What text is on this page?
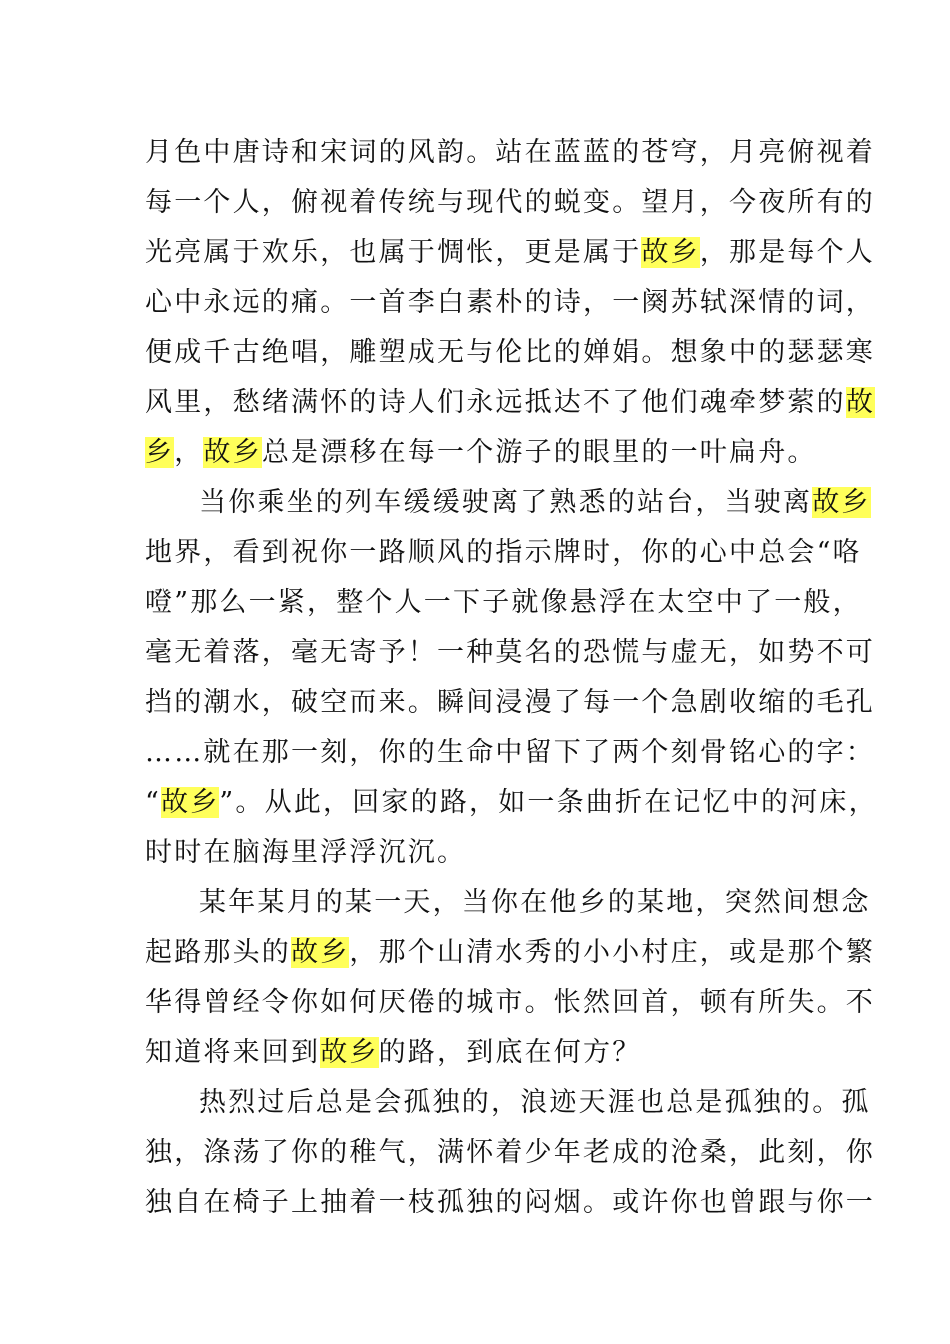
月色中唐诗和宋词的风韵。站在蓝蓝的苍穹，月亮俯视着
每一个人，俯视着传统与现代的蜕变。望月，今夜所有的
光亮属于欢乐，也属于惆怅，更是属于故乡，那是每个人
心中永远的痛。一首李白素朴的诗，一阕苏轼深情的词，
便成千古绝唱，雕塑成无与伦比的婵娟。想象中的瑟瑟寒
风里，愁绪满怀的诗人们永远抵达不了他们魂牵梦萦的故
乡，故乡总是漂移在每一个游子的眼里的一叶扁舟。
当你乘坐的列车缓缓驶离了熟悉的站台，当驶离故乡
地界，看到祝你一路顺风的指示牌时，你的心中总会“咯
噔”那么一紧，整个人一下子就像悬浮在太空中了一般，
毫无着落，毫无寄予！一种莫名的恐慌与虚无，如势不可
挡的潮水，破空而来。瞬间浸漫了每一个急剧收缩的毛孔
……就在那一刻，你的生命中留下了两个刻骨铭心的字：
“故乡”。从此，回家的路，如一条曲折在记忆中的河床，
时时在脑海里浮浮沉沉。
某年某月的某一天，当你在他乡的某地，突然间想念
起路那头的故乡，那个山清水秀的小小村庄，或是那个繁
华得曾经令你如何厌倦的城市。怅然回首，顿有所失。不
知道将来回到故乡的路，到底在何方？
热烈过后总是会孤独的，浪迹天涯也总是孤独的。孤
独，涤荡了你的稚气，满怀着少年老成的沧桑，此刻，你
独自在椅子上抽着一枝孤独的闷烟。或许你也曾跟与你一
